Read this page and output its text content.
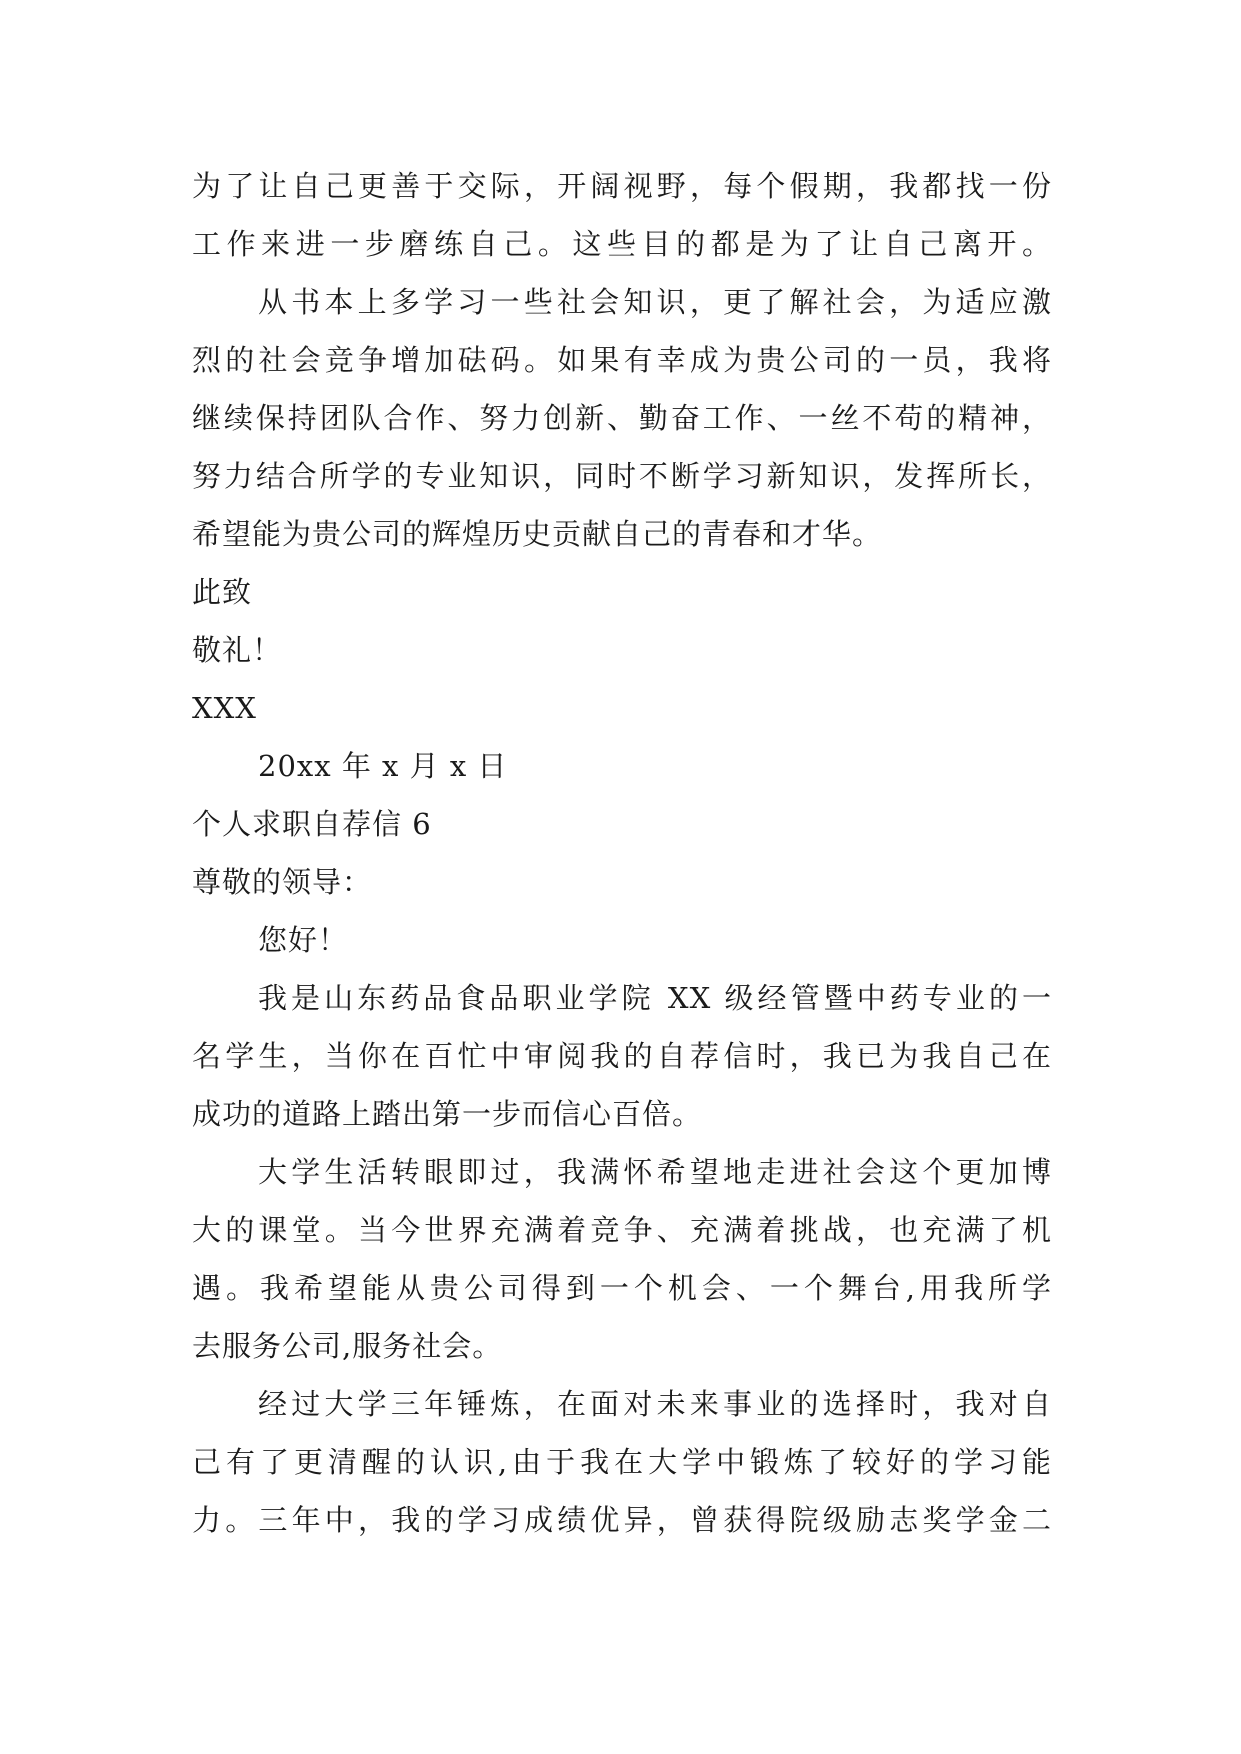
为了让自己更善于交际，开阔视野，每个假期，我都找一份
工作来进一步磨练自己。这些目的都是为了让自己离开。
从书本上多学习一些社会知识，更了解社会，为适应激
烈的社会竞争增加砝码。如果有幸成为贵公司的一员，我将
继续保持团队合作、努力创新、勤奋工作、一丝不苟的精神，
努力结合所学的专业知识，同时不断学习新知识，发挥所长，
希望能为贵公司的辉煌历史贡献自己的青春和才华。
此致
敬礼！
XXX
20xx 年 x 月 x 日
个人求职自荐信 6
尊敬的领导：
您好！
我是山东药品食品职业学院 XX 级经管暨中药专业的一
名学生，当你在百忙中审阅我的自荐信时，我已为我自己在
成功的道路上踏出第一步而信心百倍。
大学生活转眼即过，我满怀希望地走进社会这个更加博
大的课堂。当今世界充满着竞争、充满着挑战，也充满了机
遇。我希望能从贵公司得到一个机会、一个舞台,用我所学
去服务公司,服务社会。
经过大学三年锤炼，在面对未来事业的选择时，我对自
己有了更清醒的认识,由于我在大学中锻炼了较好的学习能
力。三年中，我的学习成绩优异，曾获得院级励志奖学金二
